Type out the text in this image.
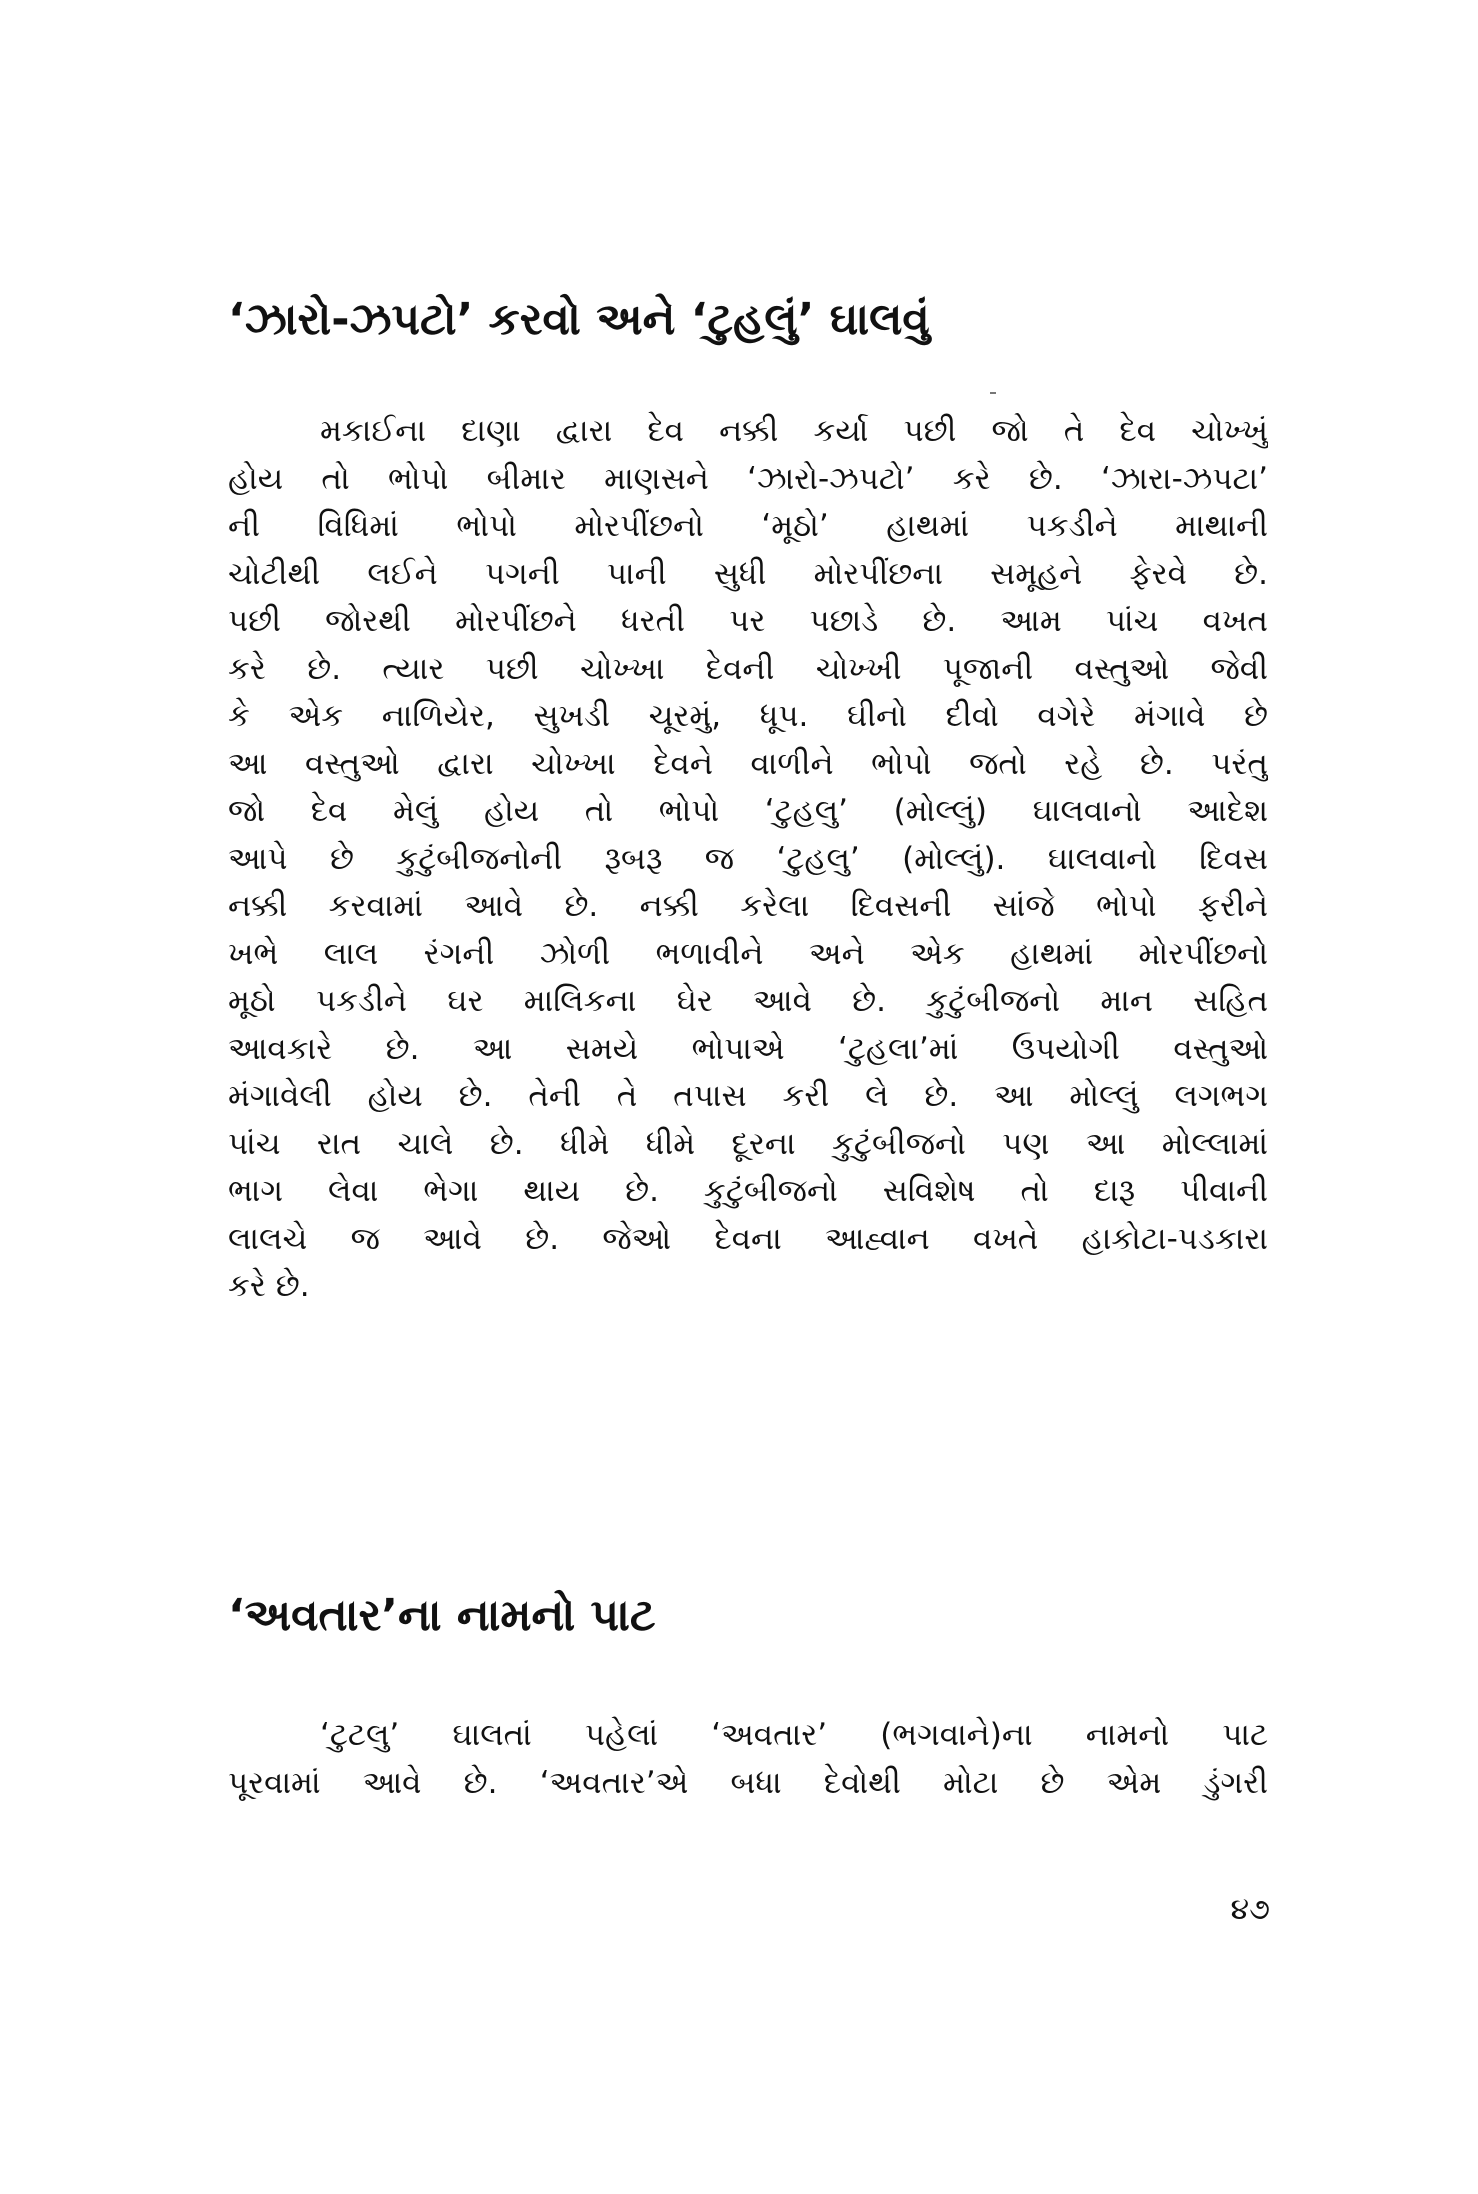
‘ઝારો-ઝપટો’ કરવો અને ‘ટુહલું’ ઘાલવું
મકાઈના દાણા દ્વારા દેવ નક્કી કર્યા પછી જો તે દેવ ચોખ્ખું
હોય તો ભોપો બીમાર માણસને ‘ઝારો-ઝપટો’ કરે છે. ‘ઝારા-ઝપટા’
ની વિધિમાં ભોપો મોરપીંછનો ‘મૂઠો’ હાથમાં પકડીને માથાની
ચોટીથી લઈને પગની પાની સુધી મોરપીંછના સમૂહને ફેરવે છે.
પછી જોરથી મોરપીંછને ધરતી પર પછાડે છે. આમ પાંચ વખત
કરે છે. ત્યાર પછી ચોખ્ખા દેવની ચોખ્ખી પૂજાની વસ્તુઓ જેવી
કે એક નાળિયેર, સુખડી ચૂરમું, ધૂપ. ઘીનો દીવો વગેરે મંગાવે છે
આ વસ્તુઓ દ્વારા ચોખ્ખા દેવને વાળીને ભોપો જતો રહે છે. પરંતુ
જો દેવ મેલું હોય તો ભોપો ‘ટુહલુ’ (મોલ્લું) ઘાલવાનો આદેશ
આપે છે કુટુંબીજનોની રૂબરૂ જ ‘ટુહલુ’ (મોલ્લું). ઘાલવાનો દિવસ
નક્કી કરવામાં આવે છે. નક્કી કરેલા દિવસની સાંજે ભોપો ફરીને
ખભે લાલ રંગની ઝોળી ભળાવીને અને એક હાથમાં મોરપીંછનો
મૂઠો પકડીને ઘર માલિકના ઘેર આવે છે. કુટુંબીજનો માન સહિત
આવકારે છે. આ સમયે ભોપાએ ‘ટુહલા’માં ઉપયોગી વસ્તુઓ
મંગાવેલી હોય છે. તેની તે તપાસ કરી લે છે. આ મોલ્લું લગભગ
પાંચ રાત ચાલે છે. ધીમે ધીમે દૂરના કુટુંબીજનો પણ આ મોલ્લામાં
ભાગ લેવા ભેગા થાય છે. કુટુંબીજનો સવિશેષ તો દારૂ પીવાની
લાલચે જ આવે છે. જેઓ દેવના આહ્વાન વખતે હાકોટા-પડકારા
કરે છે.
‘અવતાર’ના નામનો પાટ
‘ટુટલુ’ ઘાલતાં પહેલાં ‘અવતાર’ (ભગવાને)ના નામનો પાટ
પૂરવામાં આવે છે. ‘અવતાર’એ બધા દેવોથી મોટા છે એમ ડુંગરી

૪૭
